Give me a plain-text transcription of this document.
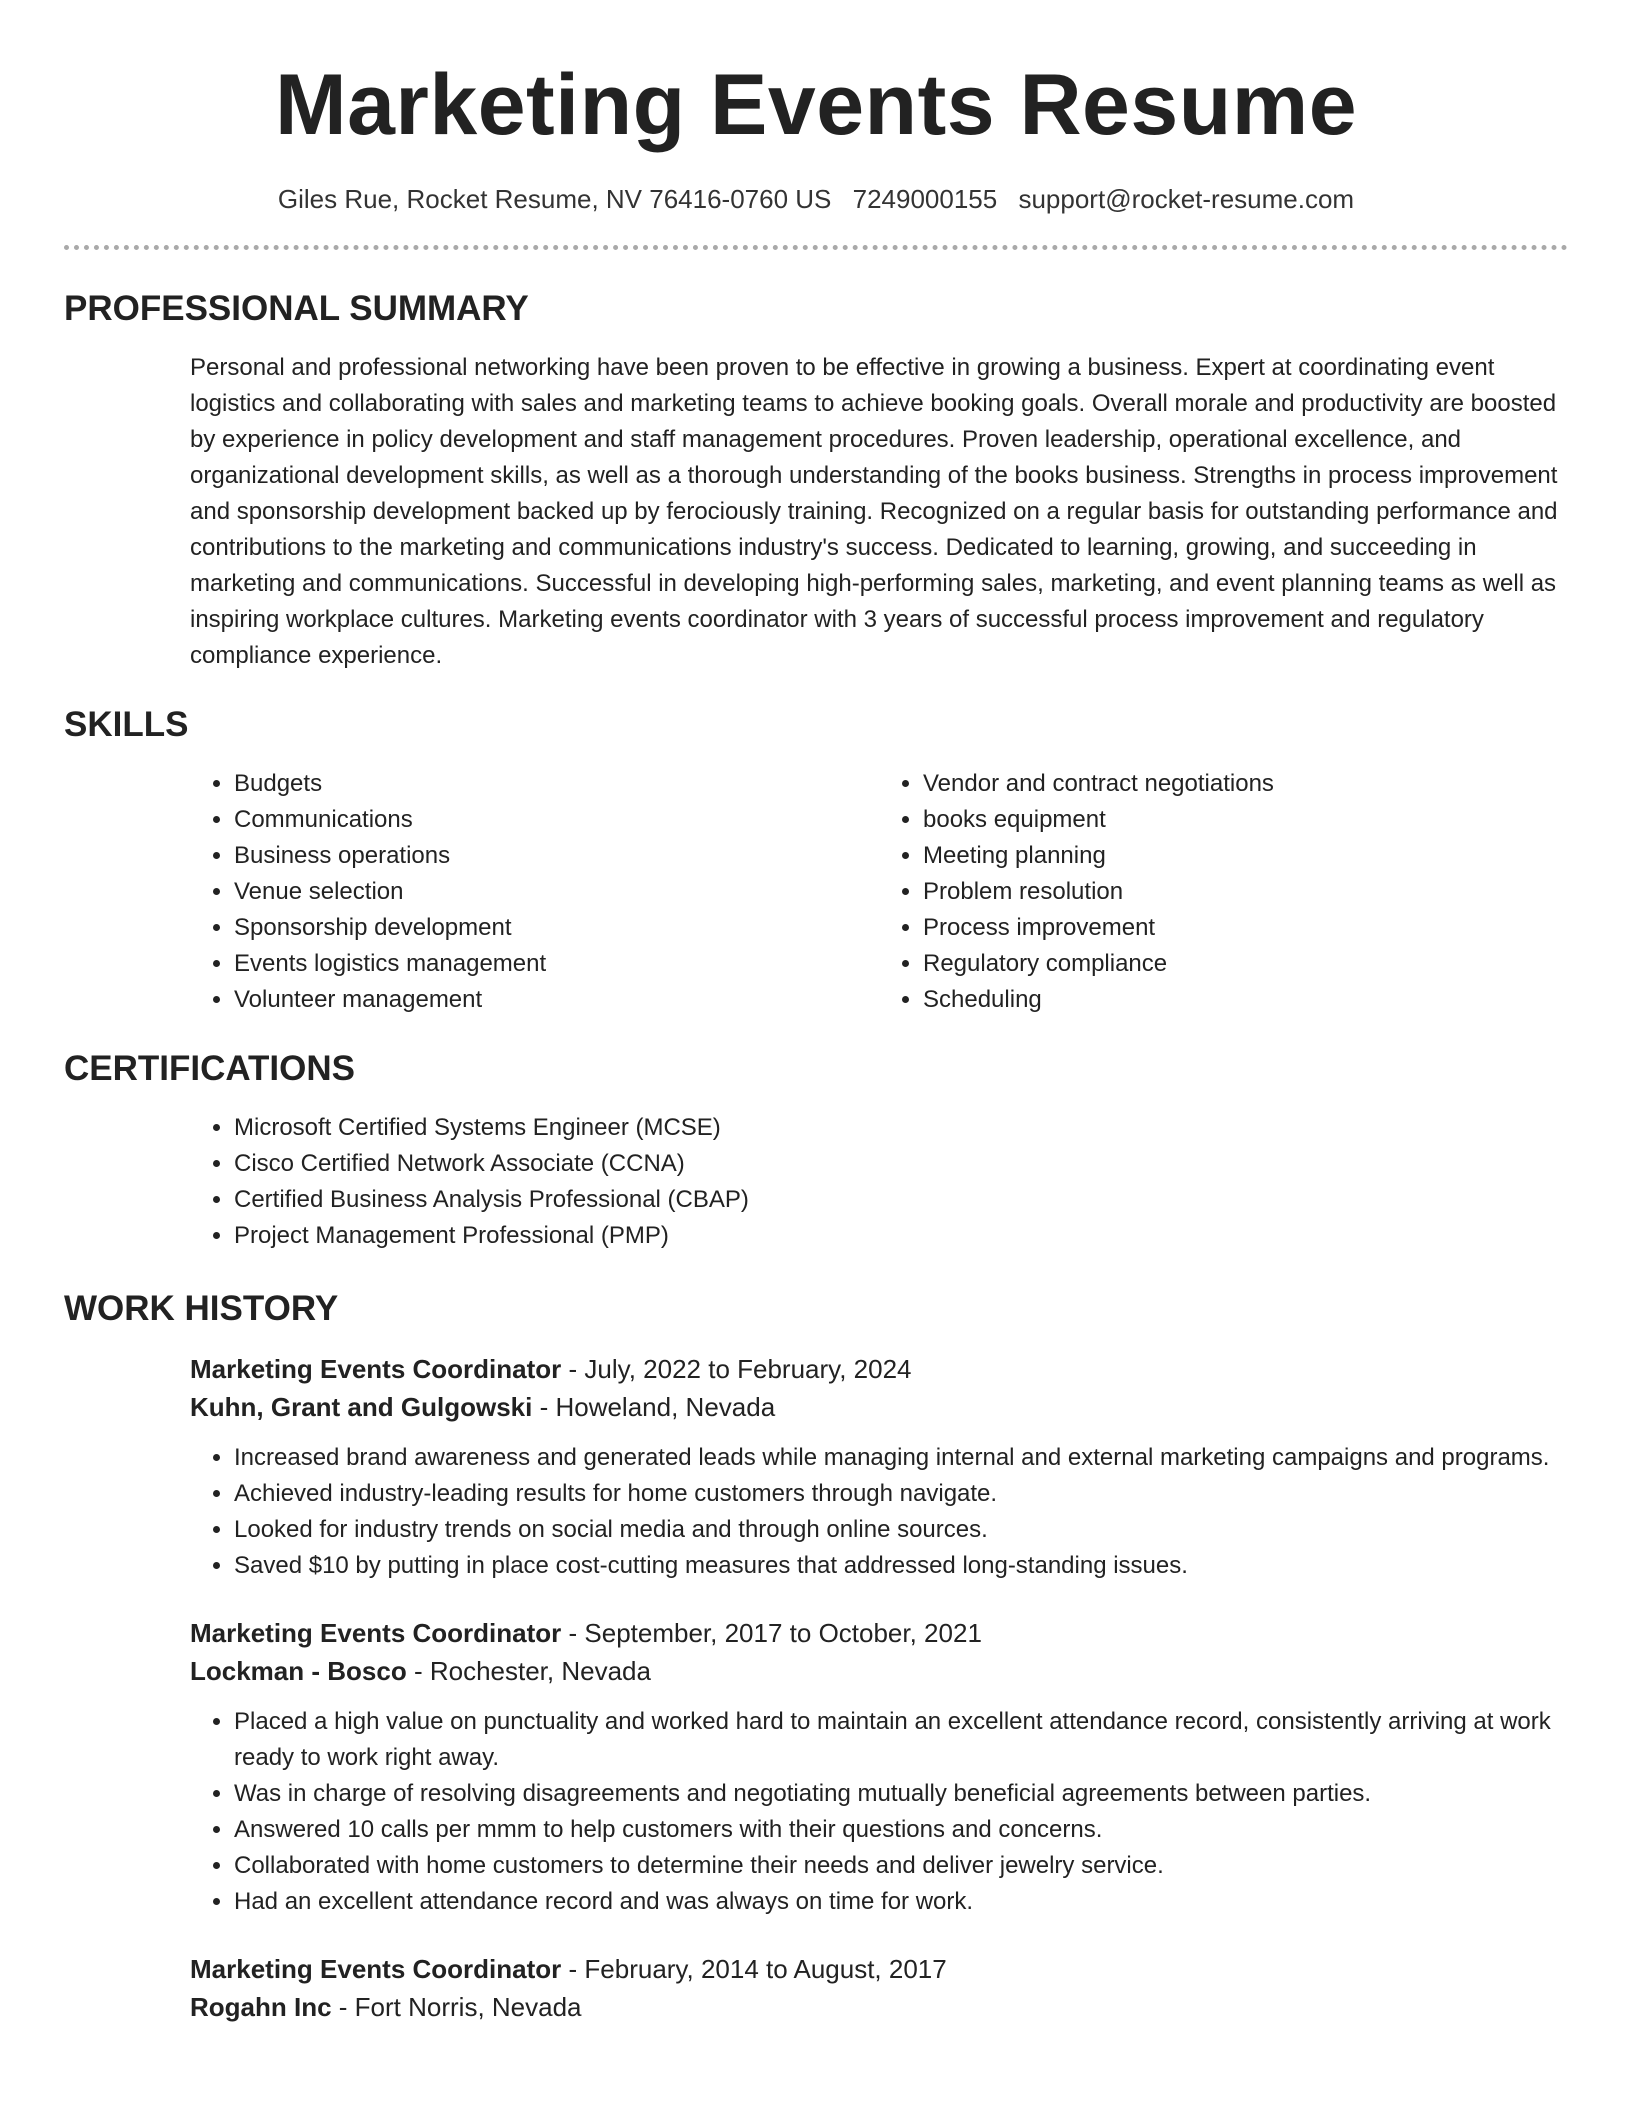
Marketing Events Resume
Giles Rue, Rocket Resume, NV 76416-0760 US 7249000155 support@rocket-resume.com
PROFESSIONAL SUMMARY

Personal and professional networking have been proven to be effective in growing a business. Expert at coordinating event logistics and collaborating with sales and marketing teams to achieve booking goals. Overall morale and productivity are boosted by experience in policy development and staff management procedures. Proven leadership, operational excellence, and organizational development skills, as well as a thorough understanding of the books business. Strengths in process improvement and sponsorship development backed up by ferociously training. Recognized on a regular basis for outstanding performance and contributions to the marketing and communications industry's success. Dedicated to learning, growing, and succeeding in marketing and communications. Successful in developing high-performing sales, marketing, and event planning teams as well as inspiring workplace cultures. Marketing events coordinator with 3 years of successful process improvement and regulatory compliance experience.

SKILLS
• Budgets
• Communications
• Business operations
• Venue selection
• Sponsorship development
• Events logistics management
• Volunteer management
• Vendor and contract negotiations
• books equipment
• Meeting planning
• Problem resolution
• Process improvement
• Regulatory compliance
• Scheduling
CERTIFICATIONS
• Microsoft Certified Systems Engineer (MCSE)
• Cisco Certified Network Associate (CCNA)
• Certified Business Analysis Professional (CBAP)
• Project Management Professional (PMP)
WORK HISTORY
Marketing Events Coordinator - July, 2022 to February, 2024
Kuhn, Grant and Gulgowski - Howeland, Nevada
• Increased brand awareness and generated leads while managing internal and external marketing campaigns and programs.
• Achieved industry-leading results for home customers through navigate.
• Looked for industry trends on social media and through online sources.
• Saved $10 by putting in place cost-cutting measures that addressed long-standing issues.
Marketing Events Coordinator - September, 2017 to October, 2021
Lockman - Bosco - Rochester, Nevada
• Placed a high value on punctuality and worked hard to maintain an excellent attendance record, consistently arriving at work ready to work right away.
• Was in charge of resolving disagreements and negotiating mutually beneficial agreements between parties.
• Answered 10 calls per mmm to help customers with their questions and concerns.
• Collaborated with home customers to determine their needs and deliver jewelry service.
• Had an excellent attendance record and was always on time for work.
Marketing Events Coordinator - February, 2014 to August, 2017
Rogahn Inc - Fort Norris, Nevada
